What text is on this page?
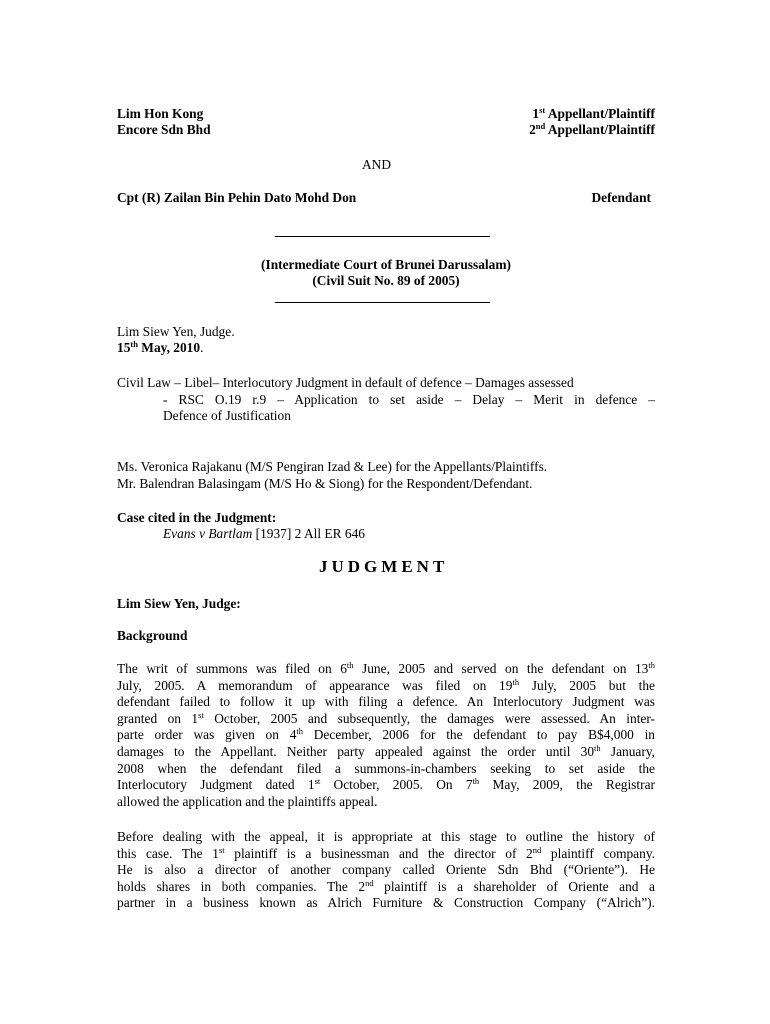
Lim Hon Kong	1st Appellant/Plaintiff
Encore Sdn Bhd	2nd Appellant/Plaintiff
AND
Cpt (R) Zailan Bin Pehin Dato Mohd Don	Defendant
(Intermediate Court of Brunei Darussalam)
(Civil Suit No. 89 of 2005)
Lim Siew Yen, Judge.
15th May, 2010.
Civil Law – Libel– Interlocutory Judgment in default of defence – Damages assessed
- RSC O.19 r.9 – Application to set aside – Delay – Merit in defence –
Defence of Justification
Ms. Veronica Rajakanu (M/S Pengiran Izad & Lee) for the Appellants/Plaintiffs.
Mr. Balendran Balasingam (M/S Ho & Siong) for the Respondent/Defendant.
Case cited in the Judgment:
Evans v Bartlam [1937] 2 All ER 646
JUDGMENT
Lim Siew Yen, Judge:
Background
The writ of summons was filed on 6th June, 2005 and served on the defendant on 13th
July, 2005. A memorandum of appearance was filed on 19th July, 2005 but the
defendant failed to follow it up with filing a defence. An Interlocutory Judgment was
granted on 1st October, 2005 and subsequently, the damages were assessed. An inter-
parte order was given on 4th December, 2006 for the defendant to pay B$4,000 in
damages to the Appellant. Neither party appealed against the order until 30th January,
2008 when the defendant filed a summons-in-chambers seeking to set aside the
Interlocutory Judgment dated 1st October, 2005. On 7th May, 2009, the Registrar
allowed the application and the plaintiffs appeal.
Before dealing with the appeal, it is appropriate at this stage to outline the history of
this case. The 1st plaintiff is a businessman and the director of 2nd plaintiff company.
He is also a director of another company called Oriente Sdn Bhd (“Oriente”). He
holds shares in both companies. The 2nd plaintiff is a shareholder of Oriente and a
partner in a business known as Alrich Furniture & Construction Company (“Alrich”).
